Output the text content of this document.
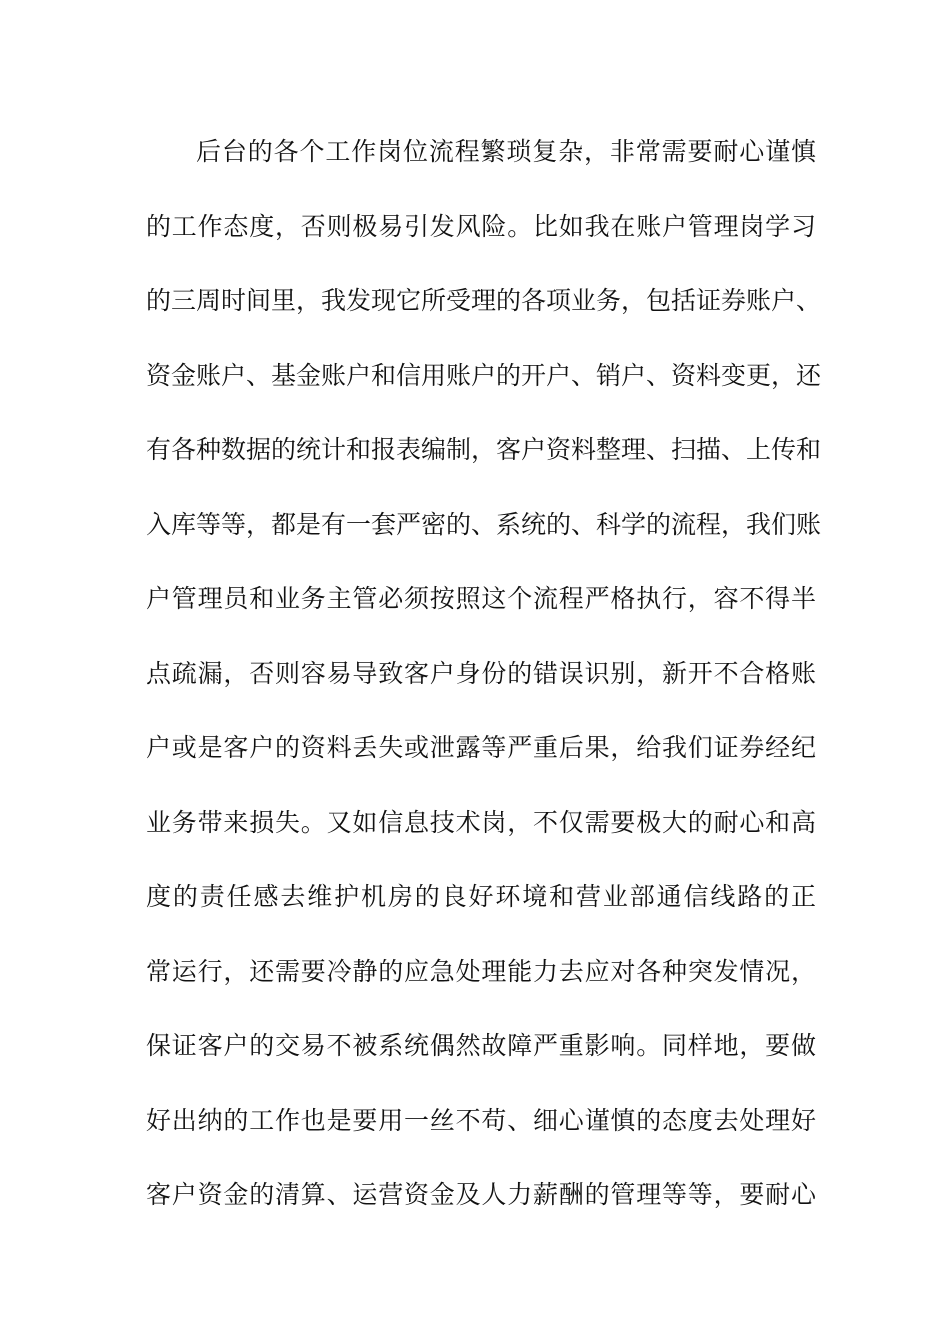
后台的各个工作岗位流程繁琐复杂，非常需要耐心谨慎
的工作态度，否则极易引发风险。比如我在账户管理岗学习
的三周时间里，我发现它所受理的各项业务，包括证券账户、
资金账户、基金账户和信用账户的开户、销户、资料变更，还
有各种数据的统计和报表编制，客户资料整理、扫描、上传和
入库等等，都是有一套严密的、系统的、科学的流程，我们账
户管理员和业务主管必须按照这个流程严格执行，容不得半
点疏漏，否则容易导致客户身份的错误识别，新开不合格账
户或是客户的资料丢失或泄露等严重后果，给我们证券经纪
业务带来损失。又如信息技术岗，不仅需要极大的耐心和高
度的责任感去维护机房的良好环境和营业部通信线路的正
常运行，还需要冷静的应急处理能力去应对各种突发情况，
保证客户的交易不被系统偶然故障严重影响。同样地，要做
好出纳的工作也是要用一丝不苟、细心谨慎的态度去处理好
客户资金的清算、运营资金及人力薪酬的管理等等，要耐心
